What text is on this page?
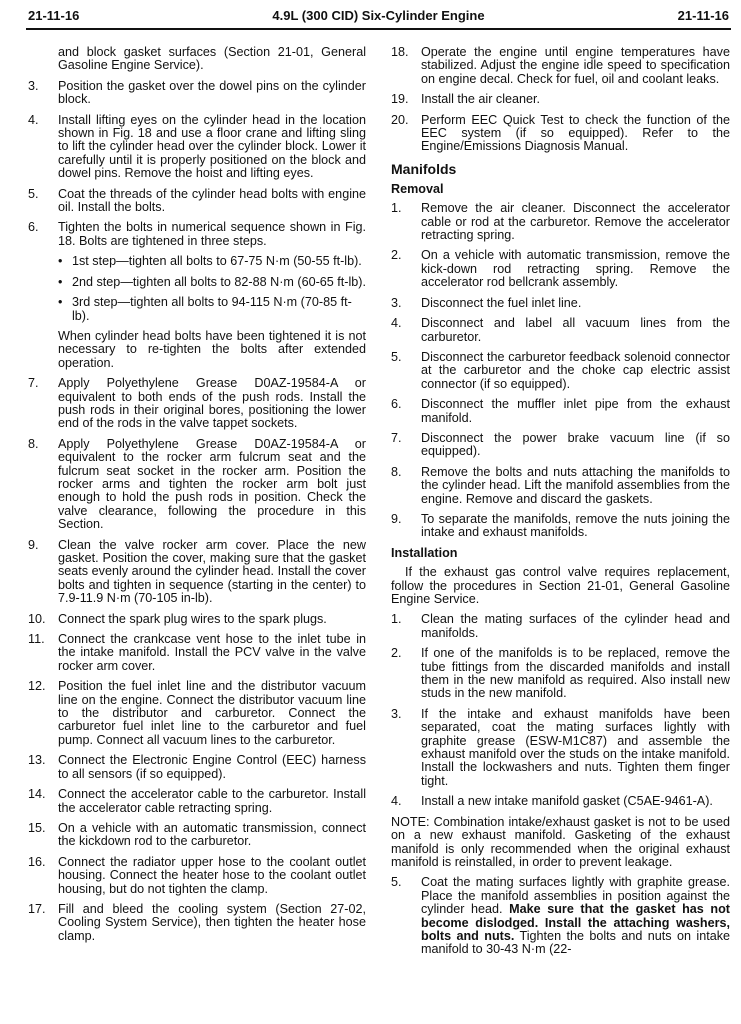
21-11-16	4.9L (300 CID) Six-Cylinder Engine	21-11-16

and block gasket surfaces (Section 21-01, General Gasoline Engine Service).

3. Position the gasket over the dowel pins on the cylinder block.
4. Install lifting eyes on the cylinder head in the location shown in Fig. 18 and use a floor crane and lifting sling to lift the cylinder head over the cylinder block. Lower it carefully until it is properly positioned on the block and dowel pins. Remove the hoist and lifting eyes.
5. Coat the threads of the cylinder head bolts with engine oil. Install the bolts.
6. Tighten the bolts in numerical sequence shown in Fig. 18. Bolts are tightened in three steps.
• 1st step—tighten all bolts to 67-75 N·m (50-55 ft-lb).
• 2nd step—tighten all bolts to 82-88 N·m (60-65 ft-lb).
• 3rd step—tighten all bolts to 94-115 N·m (70-85 ft-lb).

When cylinder head bolts have been tightened it is not necessary to re-tighten the bolts after extended operation.

7. Apply Polyethylene Grease D0AZ-19584-A or equivalent to both ends of the push rods. Install the push rods in their original bores, positioning the lower end of the rods in the valve tappet sockets.
8. Apply Polyethylene Grease D0AZ-19584-A or equivalent to the rocker arm fulcrum seat and the fulcrum seat socket in the rocker arm. Position the rocker arms and tighten the rocker arm bolt just enough to hold the push rods in position. Check the valve clearance, following the procedure in this Section.
9. Clean the valve rocker arm cover. Place the new gasket. Position the cover, making sure that the gasket seats evenly around the cylinder head. Install the cover bolts and tighten in sequence (starting in the center) to 7.9-11.9 N·m (70-105 in-lb).
10. Connect the spark plug wires to the spark plugs.
11. Connect the crankcase vent hose to the inlet tube in the intake manifold. Install the PCV valve in the valve rocker arm cover.
12. Position the fuel inlet line and the distributor vacuum line on the engine. Connect the distributor vacuum line to the distributor and carburetor. Connect the carburetor fuel inlet line to the carburetor and fuel pump. Connect all vacuum lines to the carburetor.
13. Connect the Electronic Engine Control (EEC) harness to all sensors (if so equipped).
14. Connect the accelerator cable to the carburetor. Install the accelerator cable retracting spring.
15. On a vehicle with an automatic transmission, connect the kickdown rod to the carburetor.
16. Connect the radiator upper hose to the coolant outlet housing. Connect the heater hose to the coolant outlet housing, but do not tighten the clamp.
17. Fill and bleed the cooling system (Section 27-02, Cooling System Service), then tighten the heater hose clamp.
18. Operate the engine until engine temperatures have stabilized. Adjust the engine idle speed to specification on engine decal. Check for fuel, oil and coolant leaks.
19. Install the air cleaner.
20. Perform EEC Quick Test to check the function of the EEC system (if so equipped). Refer to the Engine/Emissions Diagnosis Manual.
Manifolds
Removal
1. Remove the air cleaner. Disconnect the accelerator cable or rod at the carburetor. Remove the accelerator retracting spring.
2. On a vehicle with automatic transmission, remove the kick-down rod retracting spring. Remove the accelerator rod bellcrank assembly.
3. Disconnect the fuel inlet line.
4. Disconnect and label all vacuum lines from the carburetor.
5. Disconnect the carburetor feedback solenoid connector at the carburetor and the choke cap electric assist connector (if so equipped).
6. Disconnect the muffler inlet pipe from the exhaust manifold.
7. Disconnect the power brake vacuum line (if so equipped).
8. Remove the bolts and nuts attaching the manifolds to the cylinder head. Lift the manifold assemblies from the engine. Remove and discard the gaskets.
9. To separate the manifolds, remove the nuts joining the intake and exhaust manifolds.
Installation

If the exhaust gas control valve requires replacement, follow the procedures in Section 21-01, General Gasoline Engine Service.

1. Clean the mating surfaces of the cylinder head and manifolds.
2. If one of the manifolds is to be replaced, remove the tube fittings from the discarded manifolds and install them in the new manifold as required. Also install new studs in the new manifold.
3. If the intake and exhaust manifolds have been separated, coat the mating surfaces lightly with graphite grease (ESW-M1C87) and assemble the exhaust manifold over the studs on the intake manifold. Install the lockwashers and nuts. Tighten them finger tight.
4. Install a new intake manifold gasket (C5AE-9461-A).

NOTE: Combination intake/exhaust gasket is not to be used on a new exhaust manifold. Gasketing of the exhaust manifold is only recommended when the original exhaust manifold is reinstalled, in order to prevent leakage.

5. Coat the mating surfaces lightly with graphite grease. Place the manifold assemblies in position against the cylinder head. Make sure that the gasket has not become dislodged. Install the attaching washers, bolts and nuts. Tighten the bolts and nuts on intake manifold to 30-43 N·m (22-
